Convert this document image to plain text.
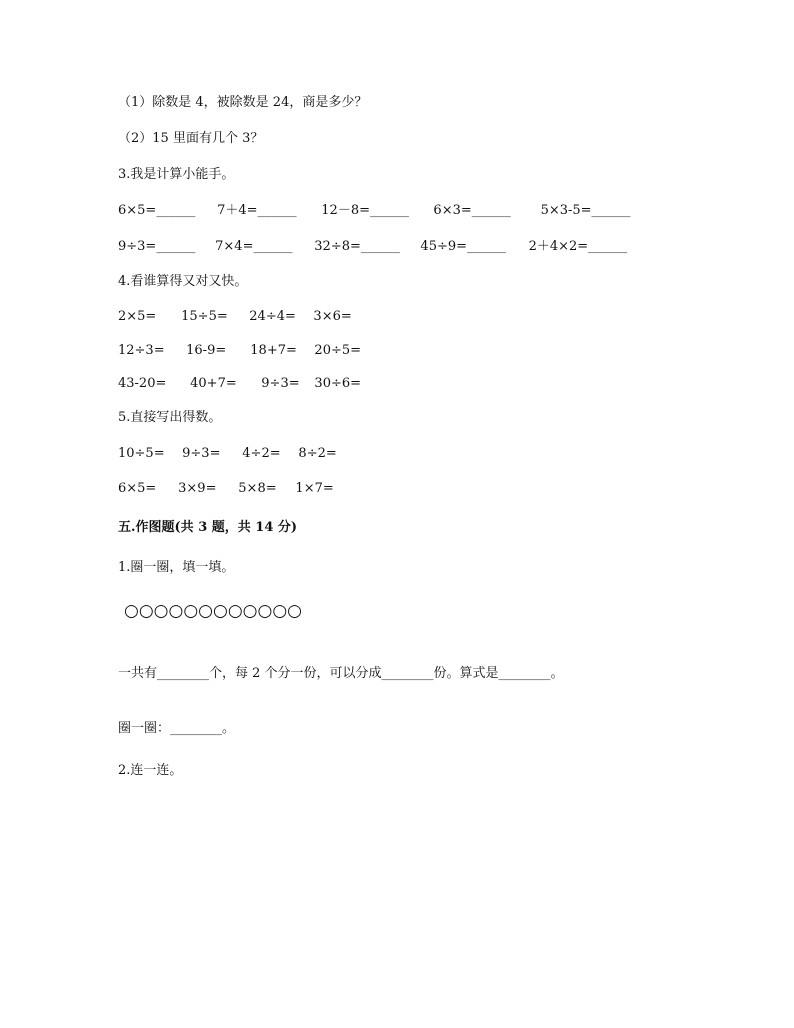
（1）除数是 4，被除数是 24，商是多少？
（2）15 里面有几个 3？
3.我是计算小能手。
6×5=______ 7＋4=______ 12－8=______ 6×3=______ 5×3-5=______
9÷3=______ 7×4=______ 32÷8=______ 45÷9=______ 2＋4×2=______
4.看谁算得又对又快。
2×5= 15÷5= 24÷4= 3×6=
12÷3= 16-9= 18+7= 20÷5=
43-20= 40+7= 9÷3= 30÷6=
5.直接写出得数。
10÷5= 9÷3= 4÷2= 8÷2=
6×5= 3×9= 5×8= 1×7=
五.作图题(共 3 题，共 14 分)
1.圈一圈，填一填。
○○○○○○○○○○○○
一共有________个，每 2 个分一份，可以分成________份。算式是________。
圈一圈：________。
2.连一连。
